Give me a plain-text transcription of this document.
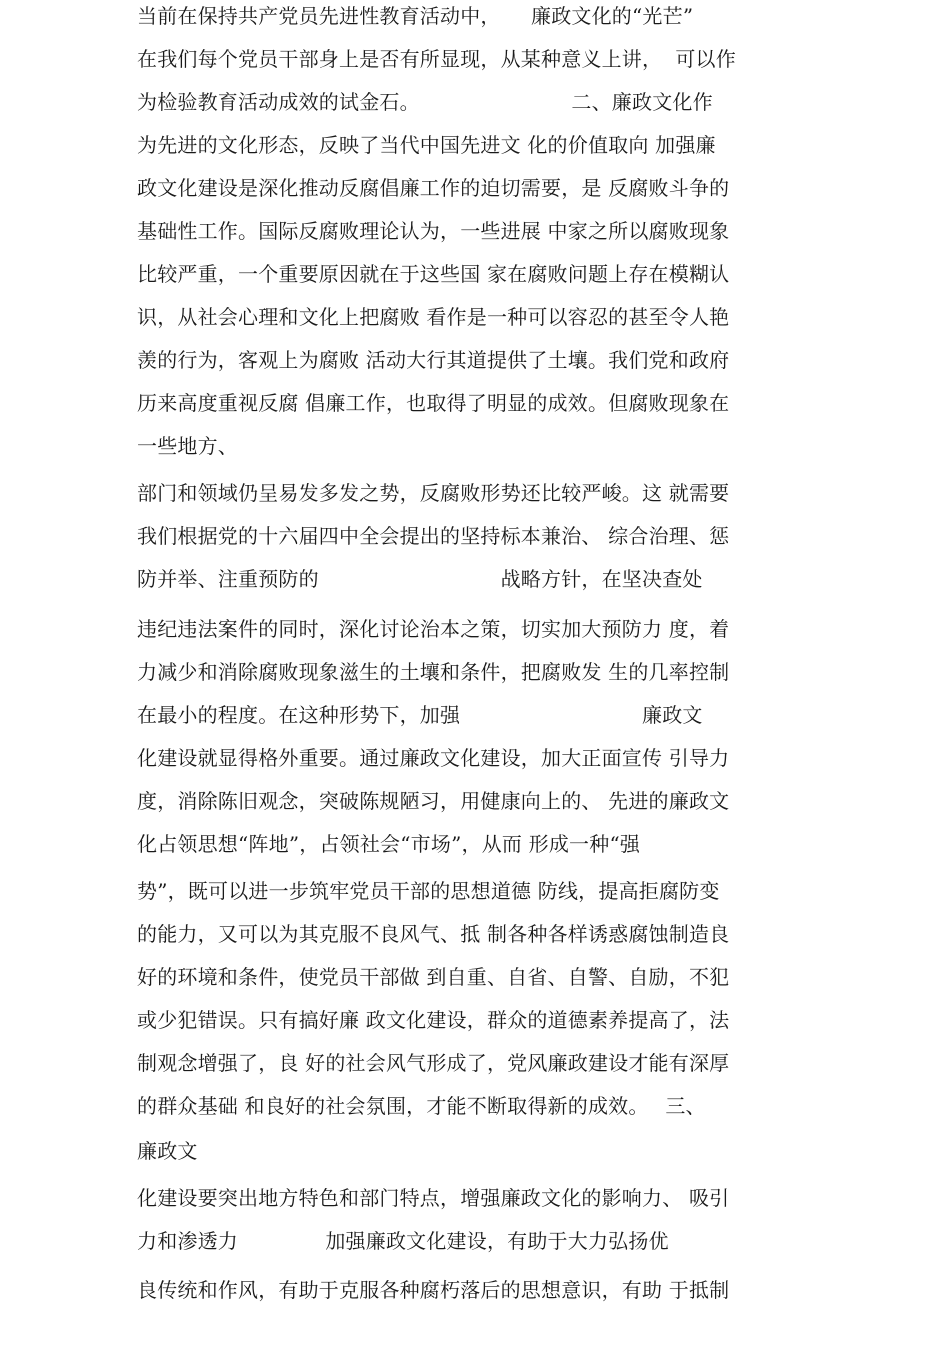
当前在保持共产党员先进性教育活动中，　　廉政文化的“光芒”
在我们每个党员干部身上是否有所显现，从某种意义上讲，  可以作
为检验教育活动成效的试金石。　　　　　　　　二、廉政文化作
为先进的文化形态，反映了当代中国先进文 化的价值取向 加强廉
政文化建设是深化推动反腐倡廉工作的迫切需要，是 反腐败斗争的
基础性工作。国际反腐败理论认为，一些进展 中家之所以腐败现象
比较严重，一个重要原因就在于这些国 家在腐败问题上存在模糊认
识，从社会心理和文化上把腐败 看作是一种可以容忍的甚至令人艳
羡的行为，客观上为腐败 活动大行其道提供了土壤。我们党和政府
历来高度重视反腐 倡廉工作，也取得了明显的成效。但腐败现象在
一些地方、
部门和领域仍呈易发多发之势，反腐败形势还比较严峻。这 就需要
我们根据党的十六届四中全会提出的坚持标本兼治、 综合治理、惩
防并举、注重预防的　　　　　　　　　战略方针，在坚决查处
违纪违法案件的同时，深化讨论治本之策，切实加大预防力 度，着
力减少和消除腐败现象滋生的土壤和条件，把腐败发 生的几率控制
在最小的程度。在这种形势下，加强　　　　　　　　　廉政文
化建设就显得格外重要。通过廉政文化建设，加大正面宣传 引导力
度，消除陈旧观念，突破陈规陋习，用健康向上的、 先进的廉政文
化占领思想“阵地”，占领社会“市场”，从而 形成一种“强
势”，既可以进一步筑牢党员干部的思想道德 防线，提高拒腐防变
的能力，又可以为其克服不良风气、抵 制各种各样诱惑腐蚀制造良
好的环境和条件，使党员干部做 到自重、自省、自警、自励，不犯
或少犯错误。只有搞好廉 政文化建设，群众的道德素养提高了，法
制观念增强了，良 好的社会风气形成了，党风廉政建设才能有深厚
的群众基础 和良好的社会氛围，才能不断取得新的成效。　 三、
廉政文
化建设要突出地方特色和部门特点，增强廉政文化的影响力、 吸引
力和渗透力　　　　 加强廉政文化建设，有助于大力弘扬优
良传统和作风，有助于克服各种腐朽落后的思想意识，有助 于抵制
